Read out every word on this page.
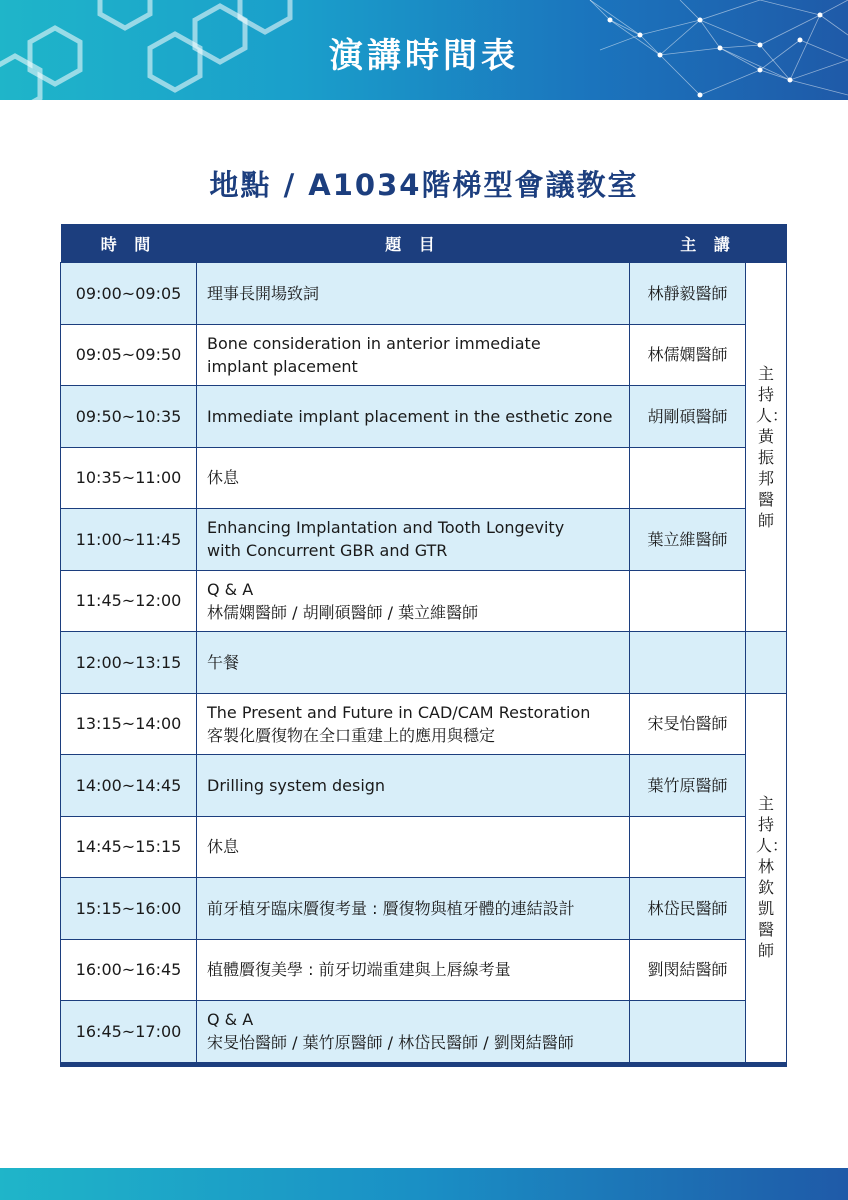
演講時間表
地點 / A1034階梯型會議教室
時 間	題 目	主 講	
09:00~09:05	理事長開場致詞	林靜毅醫師	主持人：黃振邦醫師
09:05~09:50	Bone consideration in anterior immediate
implant placement	林儒嫻醫師	
09:50~10:35	Immediate implant placement in the esthetic zone	胡剛碩醫師	
10:35~11:00	休息		

11:00~11:45	Enhancing Implantation and Tooth Longevity
with Concurrent GBR and GTR	葉立維醫師	
11:45~12:00	Q & A
林儒嫻醫師 / 胡剛碩醫師 / 葉立維醫師		

12:00~13:15	午餐		

13:15~14:00	The Present and Future in CAD/CAM Restoration
客製化贗復物在全口重建上的應用與穩定	宋旻怡醫師	主持人：林欽凱醫師
14:00~14:45	Drilling system design	葉竹原醫師	
14:45~15:15	休息		

15:15~16:00	前牙植牙臨床贗復考量 : 贗復物與植牙體的連結設計	林岱民醫師	
16:00~16:45	植體贗復美學 : 前牙切端重建與上唇線考量	劉閔結醫師	
16:45~17:00	Q & A
宋旻怡醫師 / 葉竹原醫師 / 林岱民醫師 / 劉閔結醫師		
